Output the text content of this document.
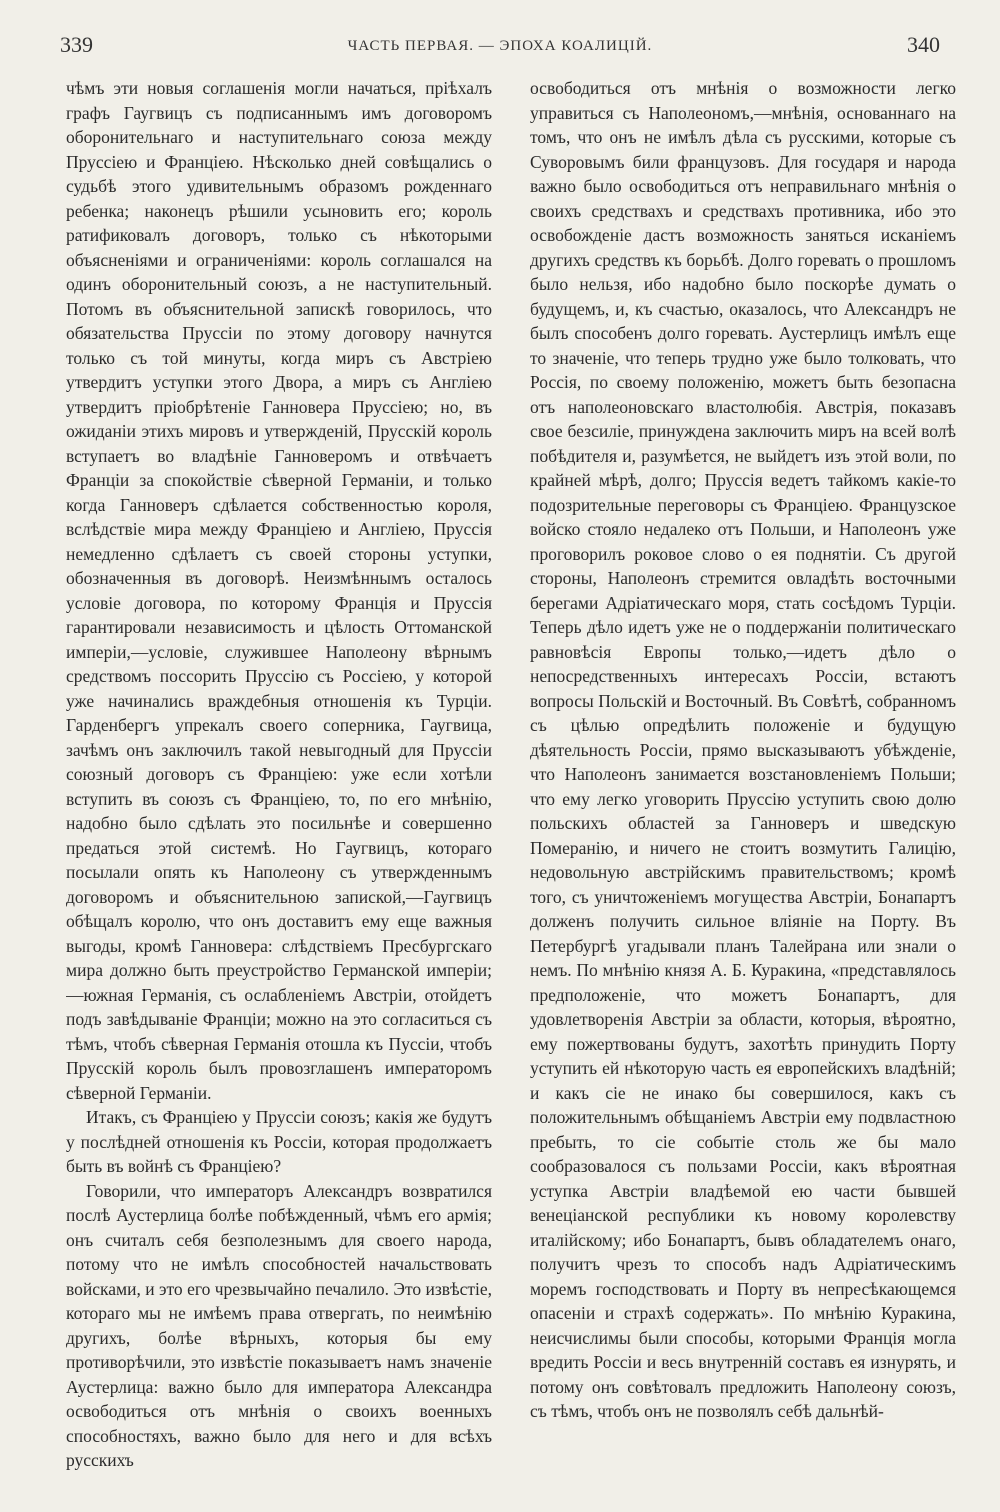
339	ЧАСТЬ ПЕРВАЯ. — ЭПОХА КОАЛИЦІЙ.	340

чѣмъ эти новыя соглашенія могли начаться, пріѣхалъ графъ Гаугвицъ съ подписаннымъ имъ договоромъ оборонительнаго и наступительнаго союза между Пруссіею и Франціею. Нѣсколько дней совѣщались о судьбѣ этого удивительнымъ образомъ рожденнаго ребенка; наконецъ рѣшили усыновить его; король ратификовалъ договоръ, только съ нѣкоторыми объясненіями и ограниченіями: король соглашался на одинъ оборонительный союзъ, а не наступительный. Потомъ въ объяснительной запискѣ говорилось, что обязательства Пруссіи по этому договору начнутся только съ той минуты, когда миръ съ Австріею утвердитъ уступки этого Двора, а миръ съ Англіею утвердитъ пріобрѣтеніе Ганновера Пруссіею; но, въ ожиданіи этихъ мировъ и утвержденій, Прусскій король вступаетъ во владѣніе Ганноверомъ и отвѣчаетъ Франціи за спокойствіе сѣверной Германіи, и только когда Ганноверъ сдѣлается собственностью короля, вслѣдствіе мира между Франціею и Англіею, Пруссія немедленно сдѣлаетъ съ своей стороны уступки, обозначенныя въ договорѣ. Неизмѣннымъ осталось условіе договора, по которому Франція и Пруссія гарантировали независимость и цѣлость Оттоманской имперіи,—условіе, служившее Наполеону вѣрнымъ средствомъ поссорить Пруссію съ Россіею, у которой уже начинались враждебныя отношенія къ Турціи. Гарденбергъ упрекалъ своего соперника, Гаугвица, зачѣмъ онъ заключилъ такой невыгодный для Пруссіи союзный договоръ съ Франціею: уже если хотѣли вступить въ союзъ съ Франціею, то, по его мнѣнію, надобно было сдѣлать это посильнѣе и совершенно предаться этой системѣ. Но Гаугвицъ, котораго посылали опять къ Наполеону съ утвержденнымъ договоромъ и объяснительною запиской,—Гаугвицъ обѣщалъ королю, что онъ доставитъ ему еще важныя выгоды, кромѣ Ганновера: слѣдствіемъ Пресбургскаго мира должно быть преустройство Германской имперіи;—южная Германія, съ ослабленіемъ Австріи, отойдетъ подъ завѣдываніе Франціи; можно на это согласиться съ тѣмъ, чтобъ сѣверная Германія отошла къ Пуссіи, чтобъ Прусскій король былъ провозглашенъ императоромъ сѣверной Германіи.

Итакъ, съ Франціею у Пруссіи союзъ; какія же будутъ у послѣдней отношенія къ Россіи, которая продолжаетъ быть въ войнѣ съ Франціею?

Говорили, что императоръ Александръ возвратился послѣ Аустерлица болѣе побѣжденный, чѣмъ его армія; онъ считалъ себя безполезнымъ для своего народа, потому что не имѣлъ способностей начальствовать войсками, и это его чрезвычайно печалило. Это извѣстіе, котораго мы не имѣемъ права отвергать, по неимѣнію другихъ, болѣе вѣрныхъ, которыя бы ему противорѣчили, это извѣстіе показываетъ намъ значеніе Аустерлица: важно было для императора Александра освободиться отъ мнѣнія о своихъ военныхъ способностяхъ, важно было для него и для всѣхъ русскихъ

освободиться отъ мнѣнія о возможности легко управиться съ Наполеономъ,—мнѣнія, основаннаго на томъ, что онъ не имѣлъ дѣла съ русскими, которые съ Суворовымъ били французовъ. Для государя и народа важно было освободиться отъ неправильнаго мнѣнія о своихъ средствахъ и средствахъ противника, ибо это освобожденіе дастъ возможность заняться исканіемъ другихъ средствъ къ борьбѣ. Долго горевать о прошломъ было нельзя, ибо надобно было поскорѣе думать о будущемъ, и, къ счастью, оказалось, что Александръ не былъ способенъ долго горевать. Аустерлицъ имѣлъ еще то значеніе, что теперь трудно уже было толковать, что Россія, по своему положенію, можетъ быть безопасна отъ наполеоновскаго властолюбія. Австрія, показавъ свое безсиліе, принуждена заключить миръ на всей волѣ побѣдителя и, разумѣется, не выйдетъ изъ этой воли, по крайней мѣрѣ, долго; Пруссія ведетъ тайкомъ какіе-то подозрительные переговоры съ Франціею. Французское войско стояло недалеко отъ Польши, и Наполеонъ уже проговорилъ роковое слово о ея поднятіи. Съ другой стороны, Наполеонъ стремится овладѣть восточными берегами Адріатическаго моря, стать сосѣдомъ Турціи. Теперь дѣло идетъ уже не о поддержаніи политическаго равновѣсія Европы только,—идетъ дѣло о непосредственныхъ интересахъ Россіи, встаютъ вопросы Польскій и Восточный. Въ Совѣтѣ, собранномъ съ цѣлью опредѣлить положеніе и будущую дѣятельность Россіи, прямо высказываютъ убѣжденіе, что Наполеонъ занимается возстановленіемъ Польши; что ему легко уговорить Пруссію уступить свою долю польскихъ областей за Ганноверъ и шведскую Померанію, и ничего не стоитъ возмутить Галицію, недовольную австрійскимъ правительствомъ; кромѣ того, съ уничтоженіемъ могущества Австріи, Бонапартъ долженъ получить сильное вліяніе на Порту. Въ Петербургѣ угадывали планъ Талейрана или знали о немъ. По мнѣнію князя А. Б. Куракина, «представлялось предположеніе, что можетъ Бонапартъ, для удовлетворенія Австріи за области, которыя, вѣроятно, ему пожертвованы будутъ, захотѣть принудить Порту уступить ей нѣкоторую часть ея европейскихъ владѣній; и какъ сіе не инако бы совершилося, какъ съ положительнымъ обѣщаніемъ Австріи ему подвластною пребыть, то сіе событіе столь же бы мало сообразовалося съ пользами Россіи, какъ вѣроятная уступка Австріи владѣемой ею части бывшей венеціанской республики къ новому королевству италійскому; ибо Бонапартъ, бывъ обладателемъ онаго, получитъ чрезъ то способъ надъ Адріатическимъ моремъ господствовать и Порту въ непресѣкающемся опасеніи и страхѣ содержать». По мнѣнію Куракина, неисчислимы были способы, которыми Франція могла вредить Россіи и весь внутренній составъ ея изнурять, и потому онъ совѣтовалъ предложить Наполеону союзъ, съ тѣмъ, чтобъ онъ не позволялъ себѣ дальнѣй-
